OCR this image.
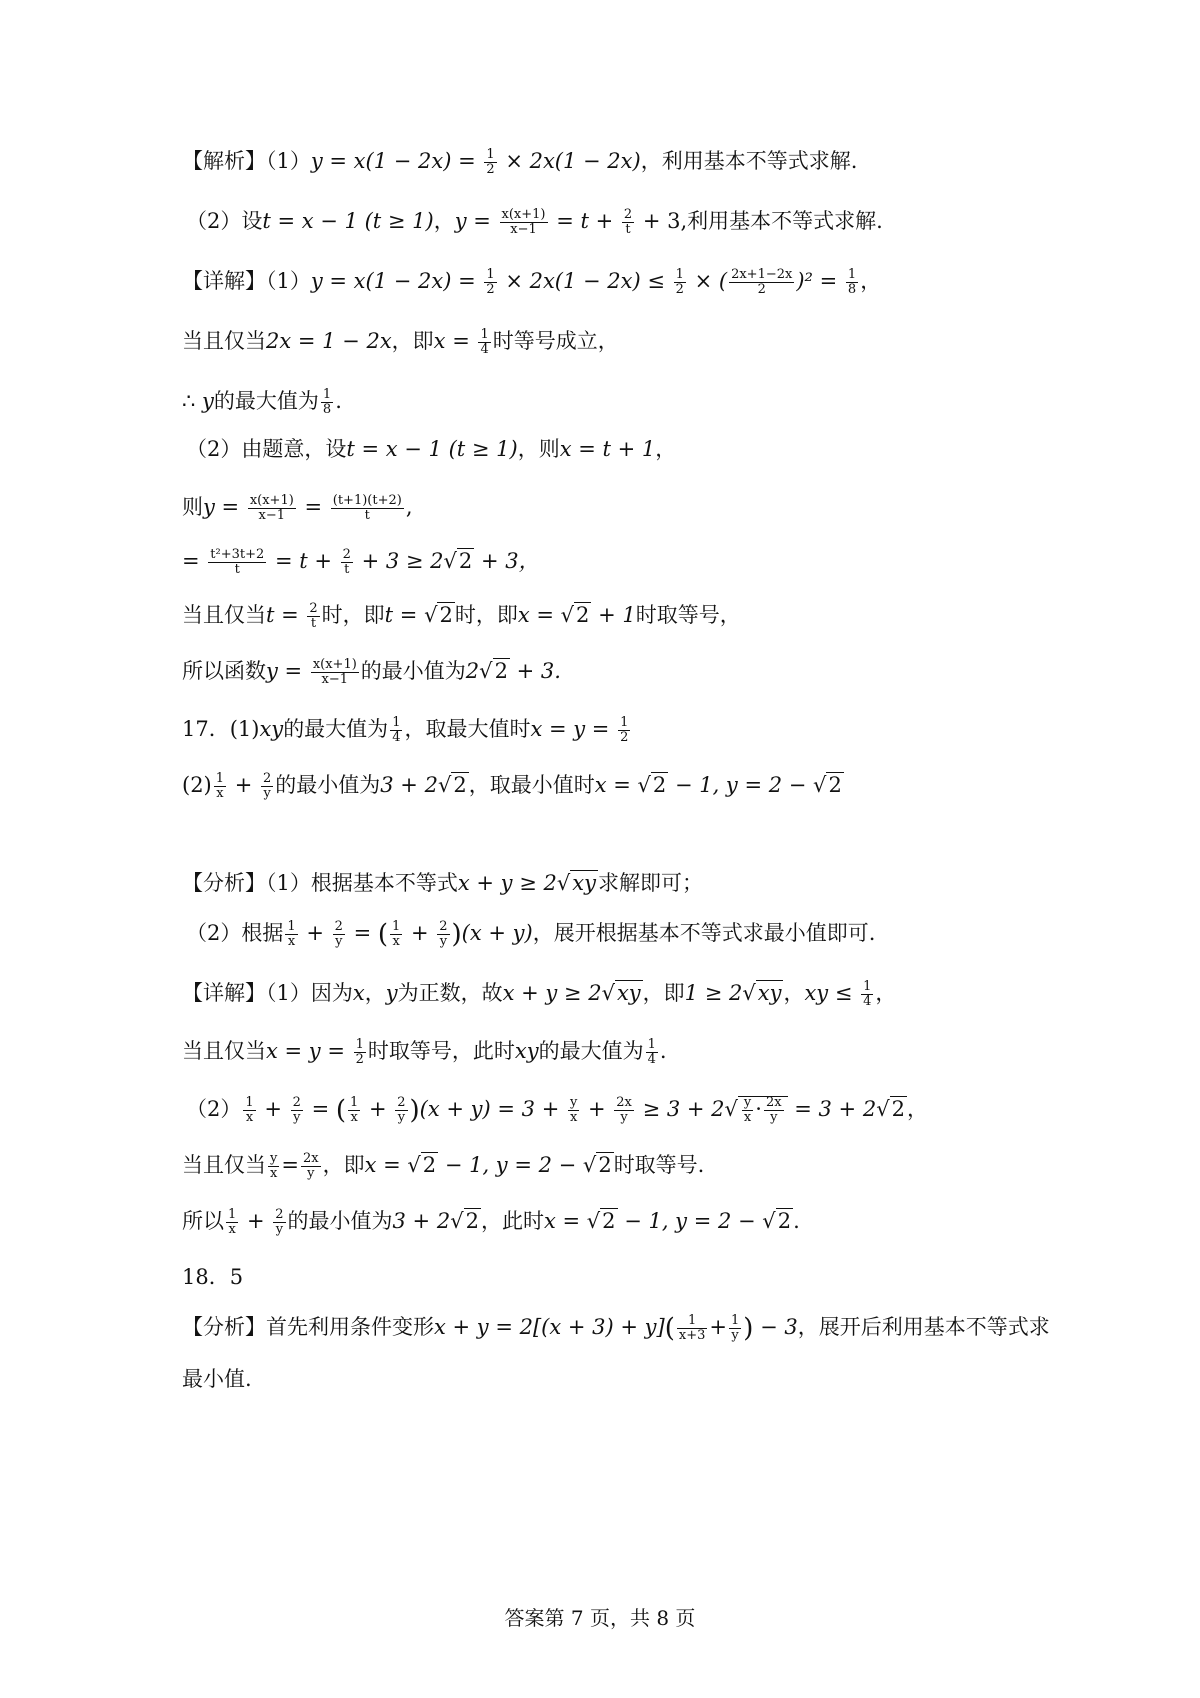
【解析】$(1)y = x(1 - 2x) = \frac{1}{2} \times 2x(1 - 2x)$，利用基本不等式求解.
（2）设t = x − 1 (t ≥ 1)，$y = \frac{x(x+1)}{x-1} = t + \frac{2}{t} + 3$,利用基本不等式求解.
【详解】$(1)y = x(1 - 2x) = \frac{1}{2} \times 2x(1 - 2x) \le \frac{1}{2}$ × ( $\frac{2x+1-2x}{2} )^2 = \frac{1}{8}$ ，
当且仅当2x = 1 − 2x，即$x = \frac{1}{4}$ 时等号成立，
∴ y的最大值为 $\frac{1}{8}$ .
（2）由题意，设t = x − 1 (t ≥ 1)，则x = t + 1，
则$y = \frac{x(x+1)}{x-1} = \frac{(t+1)(t+2)}{t}$ ,
= $\frac{\text{t²+3t+2}}{t} = t + \frac{2}{t} + 3 \ge 2√2 + 3$，
当且仅当$t = \frac{2}{t}$ 时，即t = √2时，即x = √2 + 1时取等号，
所以函数$y = \frac{x(x+1)}{x-1}$ 的最小值为2√2 + 3.
17．(1)xy的最大值为 $\frac{1}{4}$ ，取最大值时$x = y = \frac{1}{2}$
$(2) \frac{1}{x} + \frac{2}{y}$ 的最小值为3 + 2√2，取最小值时x = √2 − 1, y = 2 − √2
【分析】（1）根据基本不等式x + y ≥ 2√xy求解即可；
（2）根据 $\frac{1}{x} + \frac{2}{y}$ = ( $\frac{1}{x} + \frac{2}{y} )(x + y)$，展开根据基本不等式求最小值即可.
【详解】（1）因为x，y为正数，故x + y ≥ 2√xy，即1 ≥ 2√xy，xy ≤ $\frac{1}{4}$ ，
当且仅当$x = y = \frac{1}{2}$ 时取等号，此时xy的最大值为 $\frac{1}{4}$ .
$(2) \frac{1}{x} + \frac{2}{y}$ = ( $\frac{1}{x} + \frac{2}{y} )(x + y) = 3 + \frac{y}{x} + \frac{2x}{y} \ge 3 + 2√ \frac{y}{x} \cdot \frac{2x}{y} = 3 + 2√2$，
当且仅当 $\frac{y}{x} = \frac{2x}{y}$ ，即x = √2 − 1, y = 2 − √2时取等号.
所以 $\frac{1}{x} + \frac{2}{y}$ 的最小值为3 + 2√2，此时x = √2 − 1, y = 2 − √2.
18．5
【分析】首先利用条件变形$x + y = 2[(x + 3) + y]( \frac{1}{x+3} + \frac{1}{y}$ ) − 3，展开后利用基本不等式求
最小值.
答案第 7 页，共 8 页
